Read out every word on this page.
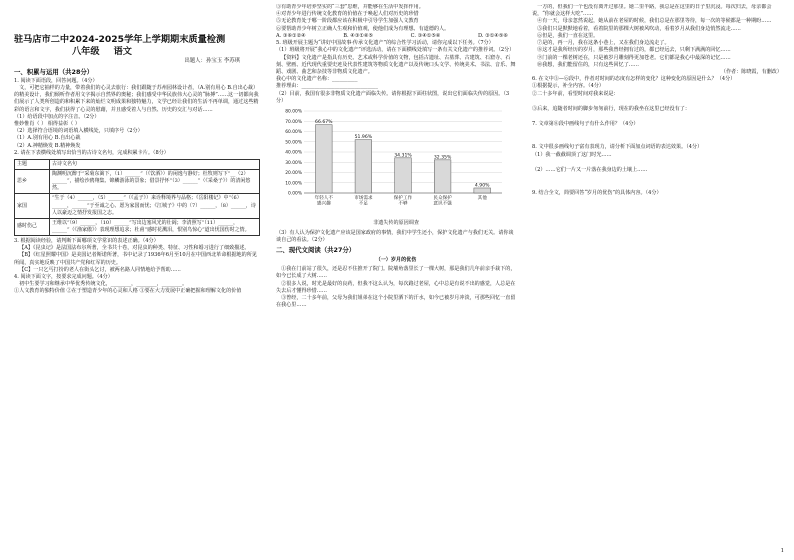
驻马店市二中2024-2025学年上学期期末质量检测
八年级 语文
出题人：孙宝玉 李苏琪
一、积累与运用（共28分）

1. 阅读下面语段，回答问题。（4分）

文，可把它抽样的力量，带着我们的心灵去旅行：我们跟随于苏州园林设计者，（A.别有用心 B.自出心裁）的精美设计，我们倾听作者用文字揭示自然界的奥秘；我们感受中华民族伟大心灵的“脉搏”……这一切都向我们展示了人类所创造的和积累下来的灿烂文明成果和独特魅力，文学已经让我们的生活不再单调，通过这些精彩的语言和文字，我们获得了心灵的慰藉，并且感受着人与自然、历史的交汇与对话……

（1）给语段中加点的字注音。（2分）

惟妙惟肖（ ） 相得益彰（ ）

（2）选择符合语境的词语填入横线处，只填序号（2分）

（1）A.别有用心 B.自出心裁

（2）A.神精焕发 B.精神焕发

2. 请在下表横线处填写出恰当的古诗文名句，完成积累卡片。（8分）

主题	古诗文名句
思乡	陶渊明沉醉于“采菊东篱下，（1）______”（《饮酒》）的闲逸与静好；杜牧则写下“__（2）______”，描绘沙鸥翔集、锦鳞游泳的景象；借景抒怀“（3）______”（《采桑子》）的清闲悠然。
家国	“生于（4）______，（5）______”（《孟子》）来诠释境界与品格；《岳阳楼记》中“（6）______，______”于至诚之心、愿为家国而忧；《江城子》中的（7）______，（8）______，诗人以豪迈之情抒发报国之志。
感时伤己	王维以“（9）______，（10）______”写出边塞风光的壮阔；李清照写“（11）______，______”（《渔家傲》）表现理想追求；杜甫“感时花溅泪，恨别鸟惊心”道出忧国伤时之情。

3. 根据阅读经验，请判断下面哪项文学常识的表述正确。（4分）

【A】《昆虫记》是法国法布尔所著，全书共十卷，对昆虫的种类、特征、习性和婚习进行了细致描述。

【B】《红星照耀中国》是美国记者斯诺所著，书中记录了1936年6月至10月在中国西北革命根据地的所见所闻，真实地反映了中国共产党和红军的历史。

【C】一只乞丐打扮的老人在街头乞讨，被两名路人同情地给予帮助……

4. 阅读下面文字，按要求完成问题。（4分）

初中生要学习和继承中华优秀传统文化，________，________，________。

①人文教育的独特价值 ②在于塑造青少年的心灵和人格 ③要在大力发展中正确把握和理解文化的价值

③有助青少年培养坚实的“三套”思维，并能够在生活中发挥作用。

④对青少年进行传统文化教育的价值在于唤起人们对历史的珍惜

⑤无论教育处于哪一阶段都应该在积极中引导学生加强人文教育

⑥要帮助青少年树立正确人生观和价值观，使他们成为有理想、有道德的人。

A. ③⑥①②④	B. ④③①⑥⑤	C. ③④①⑤⑥	D. ③①④⑤⑥

5. 班级开展主题为“讲好中国故事·传承文化遗产”的综合性学习活动，请你完成以下任务。（7分）

（1）班级将开展“我心中的文化遗产”评选活动，请在下面横线处填写一条有关文化遗产的推荐词。（2分）

【资料】文化遗产是指具有历史、艺术或科学价值的文物，包括古遗址、古墓葬、古建筑、石窟寺、石刻、壁画、近代现代重要史迹及代表性建筑等物质文化遗产以及传统口头文学、传统美术、书法、音乐、舞蹈、戏剧、曲艺和杂技等非物质文化遗产。

我心中的文化遗产名称：__________

推荐理由：______________________________

（2）目前，我国有很多非物质文化遗产面临失传。请你根据下面柱状图，说出它们面临失传的原因。（3分）

0.00%
10.00%
20.00%
30.00%
40.00%
50.00%
60.00%
70.00%
80.00%
66.67%
年轻人不感兴趣
51.96%
市场需求不足
34.31%
保护工作不够
32.35%
民众保护意识不强
4.90%
其他
非遗失传的原因调查

（3）有人认为保护文化遗产应该是国家政府的事情，我们中学生还小，保护文化遗产与我们无关。请你谈谈自己的看法。（2分）

二、现代文阅读（共27分）
（一）岁月的优伤

①我在门前站了很久，还是忍不住推开了院门。院墙角落里长了一棵大树，那是我们几年前亲手栽下的，如今已长成了大树……

②很多人说，时光是最好的良药，但我不这么认为，每次路过老屋，心中总是有说不出的感觉，人总是在失去后才懂得珍惜……

③曾经，二十多年前，父母为我们姐弟在这个小院里洒下的汗水，如今已被岁月冲淡，可那些回忆一直留在我心里……

一方的，但我们一个也没有离开过那里。她二里半路，我总是在这里的日子里沉浸。每次归去，母亲都会说，“你就会这样大吃”……

④有一天，母亲忽然说起，她从前在老屋的时候，我们总是在那里等待，每一次的等候都是一种期盼……

⑤我们只是默默地看着，看着院里的那棵大树被风吹动，看着岁月从我们身边悄然流走……

⑥但是，我们一直在这里。

⑦是的，再一月，我在这条小巷上，又在我们身边流走了。

⑧这才是我所经历的岁月，那些我曾经拥有过的，都已经远去，只剩下满满的回忆……

⑨门前的一棵老树还在，只是被岁月雕刻得更加苍老。它们都是我心中最深的记忆……

⑩我想，我们能留住的，只有这些回忆了……

（作者：陈晓霞，有删改）

6. 在文中③—⑥段中，作者对时间的态度有怎样的变化？这种变化的原因是什么？（4分）

①根据提示，补全内容。（4分）

②二十多年前，看望时间对我来说是：

③后来，追随者时间的脚步匆匆前行，现在的我坐在这里已经没有了：

7. 文章第⑧段中画线句子有什么作用？（4分）

8. 文中很多画线句子富有表现力，请分析下面加点词语的表达效果。（4分）

（1）我一截截调顶了这门时光……

（2）……它们一片又一片落在我身边的土壤上……

9. 结合全文，简要回答“岁月的优伤”的具体内容。（4分）

1
